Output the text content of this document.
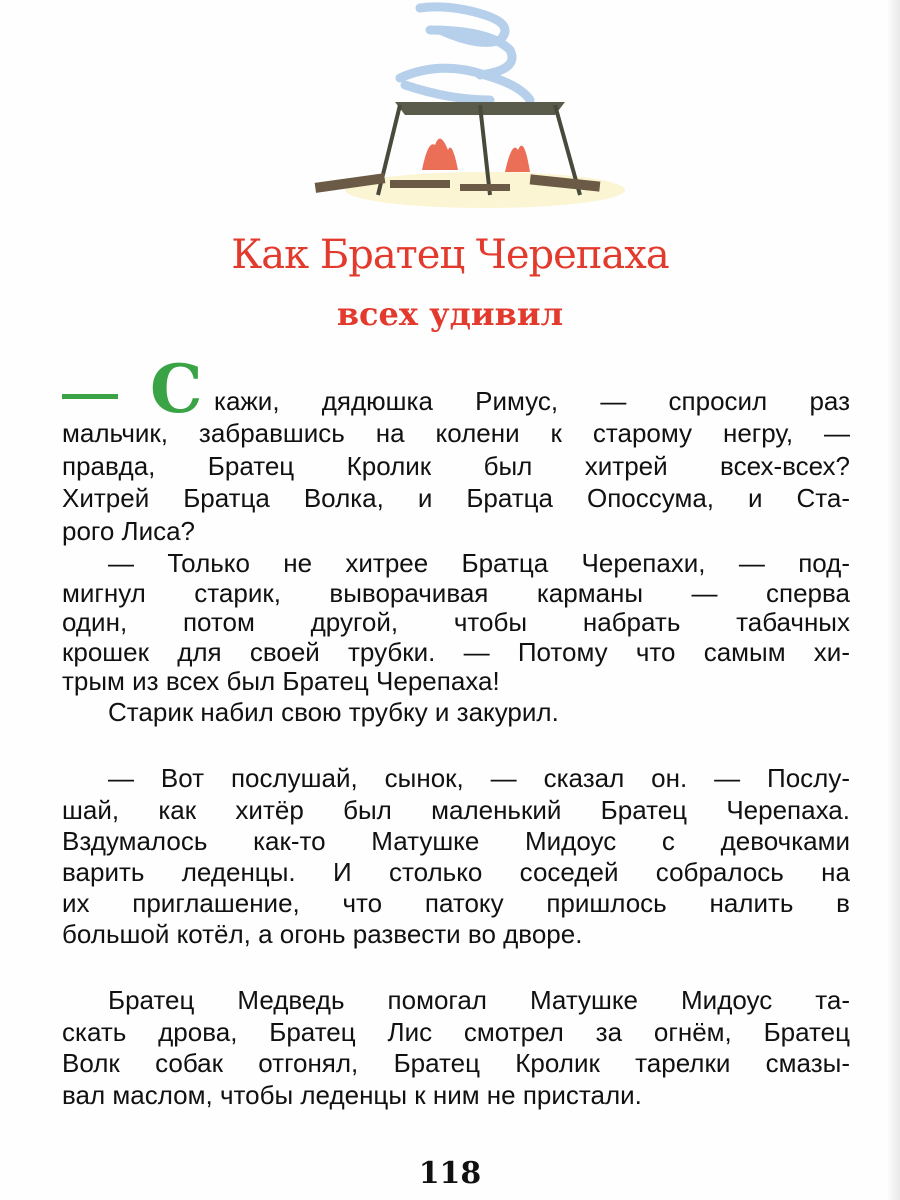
Как Братец Черепаха
всех удивил
С кажи, дядюшка Римус, — спросил раз
мальчик, забравшись на колени к старому негру, —
правда, Братец Кролик был хитрей всех-всех?
Хитрей Братца Волка, и Братца Опоссума, и Ста-
рого Лиса?
— Только не хитрее Братца Черепахи, — под-
мигнул старик, выворачивая карманы — сперва
один, потом другой, чтобы набрать табачных
крошек для своей трубки. — Потому что самым хи-
трым из всех был Братец Черепаха!
Старик набил свою трубку и закурил.
— Вот послушай, сынок, — сказал он. — Послу-
шай, как хитёр был маленький Братец Черепаха.
Вздумалось как-то Матушке Мидоус с девочками
варить леденцы. И столько соседей собралось на
их приглашение, что патоку пришлось налить в
большой котёл, а огонь развести во дворе.
Братец Медведь помогал Матушке Мидоус та-
скать дрова, Братец Лис смотрел за огнём, Братец
Волк собак отгонял, Братец Кролик тарелки смазы-
вал маслом, чтобы леденцы к ним не пристали.
118
